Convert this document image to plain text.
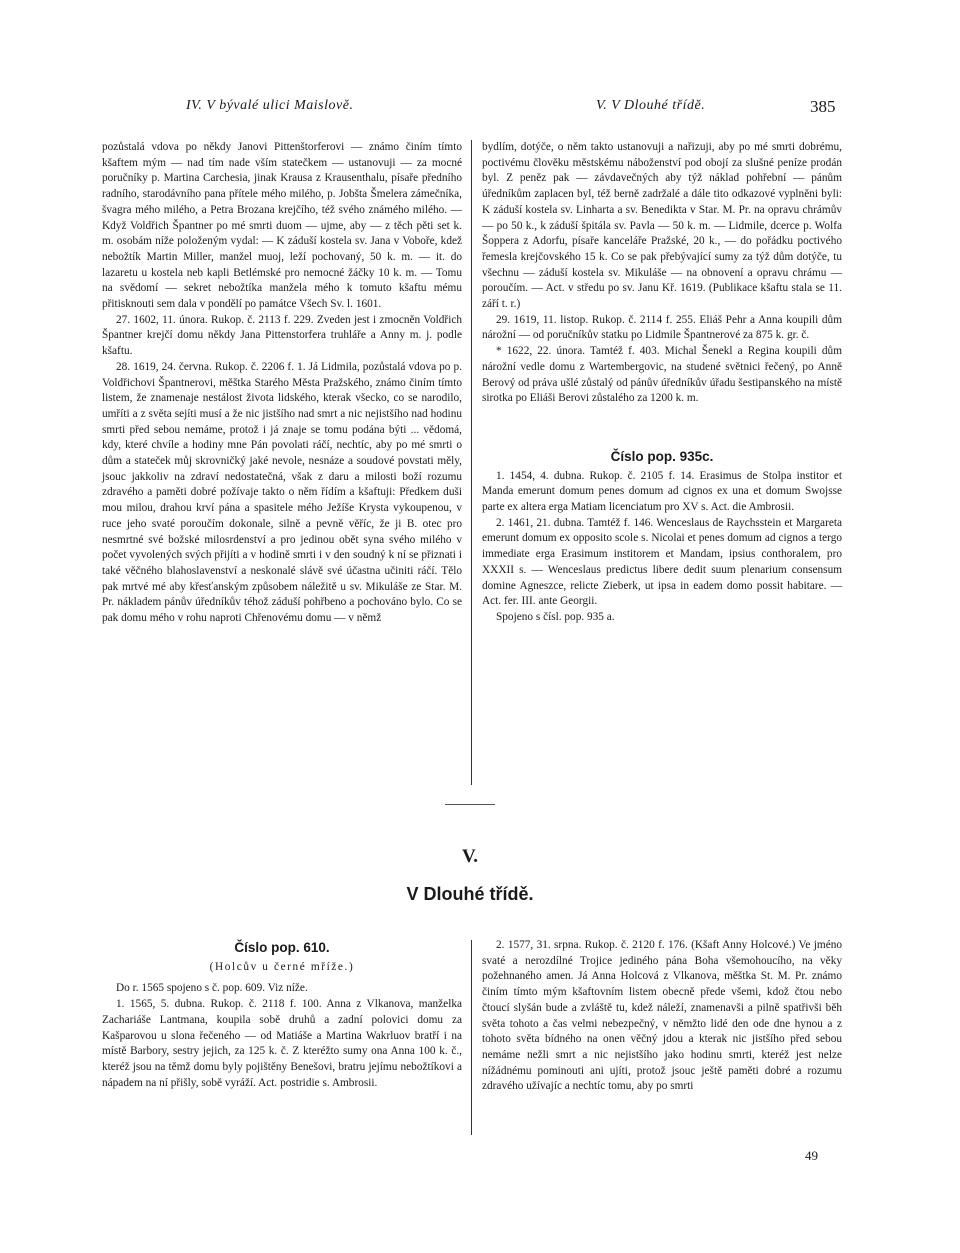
IV. V bývalé ulici Maislově.	V. V Dlouhé třídě.	385

pozůstalá vdova po někdy Janovi Pittenštorferovi — známo činím tímto kšaftem mým — nad tím nade vším statečkem — ustanovuji — za mocné poručníky p. Martina Carchesia, jinak Krausa z Krausenthalu, písaře předního radního, starodávního pana přítele mého milého, p. Jobšta Šmelera zámečníka, švagra mého milého, a Petra Brozana krejčího, též svého známého milého. — Když Voldřich Špantner po mé smrti duom — ujme, aby — z těch pěti set k. m. osobám níže položeným vydal: — K záduší kostela sv. Jana v Voboře, kdež nebožtík Martin Miller, manžel muoj, leží pochovaný, 50 k. m. — it. do lazaretu u kostela neb kapli Betlémské pro nemocné žáčky 10 k. m. — Tomu na svědomí — sekret nebožtíka manžela mého k tomuto kšaftu mému přitisknouti sem dala v pondělí po památce Všech Sv. l. 1601.

27. 1602, 11. února. Rukop. č. 2113 f. 229. Zveden jest i zmocněn Voldřich Špantner krejčí domu někdy Jana Pittenstorfera truhláře a Anny m. j. podle kšaftu.

28. 1619, 24. června. Rukop. č. 2206 f. 1. Já Lidmila, pozůstalá vdova po p. Voldřichovi Špantnerovi, měštka Starého Města Pražského, známo činím tímto listem, že znamenaje nestálost života lidského, kterak všecko, co se narodilo, umříti a z světa sejíti musí a že nic jistšího nad smrt a nic nejistšího nad hodinu smrti před sebou nemáme, protož i já znaje se tomu podána býti ... vědomá, kdy, které chvíle a hodiny mne Pán povolati ráčí, nechtíc, aby po mé smrti o dům a stateček můj skrovničký jaké nevole, nesnáze a soudové povstati měly, jsouc jakkoliv na zdraví nedostatečná, však z daru a milosti boží rozumu zdravého a paměti dobré požívaje takto o něm řídím a kšaftuji: Předkem duši mou milou, drahou krví pána a spasitele mého Ježíše Krysta vykoupenou, v ruce jeho svaté poroučím dokonale, silně a pevně věříc, že ji B. otec pro nesmrtné své božské milosrdenství a pro jedinou obět syna svého milého v počet vyvolených svých přijíti a v hodině smrti i v den soudný k ní se přiznati i také věčného blahoslavenství a neskonalé slávě své účastna učiniti ráčí. Tělo pak mrtvé mé aby křesťanským způsobem náležitě u sv. Mikuláše ze Star. M. Pr. nákladem pánův úředníkův téhož záduší pohřbeno a pochováno bylo. Co se pak domu mého v rohu naproti Chřenovému domu — v němž

bydlím, dotýče, o něm takto ustanovuji a nařizuji, aby po mé smrti dobrému, poctivému člověku městskému náboženství pod obojí za slušné peníze prodán byl. Z peněz pak — závdavečných aby týž náklad pohřební — pánům úředníkům zaplacen byl, též berně zadržalé a dále tito odkazové vyplněni byli: K záduší kostela sv. Linharta a sv. Benedikta v Star. M. Pr. na opravu chrámův — po 50 k., k záduší špitála sv. Pavla — 50 k. m. — Lidmile, dcerce p. Wolfa Šoppera z Adorfu, písaře kanceláře Pražské, 20 k., — do pořádku poctivého řemesla krejčovského 15 k. Co se pak přebývající sumy za týž dům dotýče, tu všechnu — záduší kostela sv. Mikuláše — na obnovení a opravu chrámu — poroučím. — Act. v středu po sv. Janu Kř. 1619. (Publikace kšaftu stala se 11. září t. r.)

29. 1619, 11. listop. Rukop. č. 2114 f. 255. Eliáš Pehr a Anna koupili dům nárožní — od poručníkův statku po Lidmile Špantnerové za 875 k. gr. č.

* 1622, 22. února. Tamtéž f. 403. Michal Šenekl a Regina koupili dům nárožní vedle domu z Wartembergovic, na studené světnici řečený, po Anně Berový od práva ušlé zůstalý od pánův úředníkův úřadu šestipanského na místě sirotka po Eliáši Berovi zůstalého za 1200 k. m.

Číslo pop. 935c.

1. 1454, 4. dubna. Rukop. č. 2105 f. 14. Erasimus de Stolpa institor et Manda emerunt domum penes domum ad cignos ex una et domum Swojsse parte ex altera erga Matiam licenciatum pro XV s. Act. die Ambrosii.

2. 1461, 21. dubna. Tamtéž f. 146. Wenceslaus de Raychsstein et Margareta emerunt domum ex opposito scole s. Nicolai et penes domum ad cignos a tergo immediate erga Erasimum institorem et Mandam, ipsius conthoralem, pro XXXII s. — Wenceslaus predictus libere dedit suum plenarium consensum domine Agneszce, relicte Zieberk, ut ipsa in eadem domo possit habitare. — Act. fer. III. ante Georgii.

Spojeno s čísl. pop. 935 a.

V.
V Dlouhé třídě.
Číslo pop. 610.
(Holcův u černé mříže.)

Do r. 1565 spojeno s č. pop. 609. Viz níže.

1. 1565, 5. dubna. Rukop. č. 2118 f. 100. Anna z Vlkanova, manželka Zachariáše Lantmana, koupila sobě druhů a zadní polovici domu za Kašparovou u slona řečeného — od Matiáše a Martina Wakrluov bratří i na místě Barbory, sestry jejich, za 125 k. č. Z kteréžto sumy ona Anna 100 k. č., kteréž jsou na těmž domu byly pojištěny Benešovi, bratru jejímu nebožtíkovi a nápadem na ní přišly, sobě vyráží. Act. postridie s. Ambrosii.

2. 1577, 31. srpna. Rukop. č. 2120 f. 176. (Kšaft Anny Holcové.) Ve jméno svaté a nerozdílné Trojice jediného pána Boha všemohoucího, na věky požehnaného amen. Já Anna Holcová z Vlkanova, měštka St. M. Pr. známo činím tímto mým kšaftovním listem obecně přede všemi, kdož čtou nebo čtoucí slyšán bude a zvláště tu, kdež náleží, znamenavši a pilně spatřivši běh světa tohoto a čas velmi nebezpečný, v němžto lidé den ode dne hynou a z tohoto světa bídného na onen věčný jdou a kterak nic jistšího před sebou nemáme nežli smrt a nic nejistšího jako hodinu smrti, kteréž jest nelze nížádnému pominouti ani ujíti, protož jsouc ještě paměti dobré a rozumu zdravého užívajíc a nechtíc tomu, aby po smrti

49
